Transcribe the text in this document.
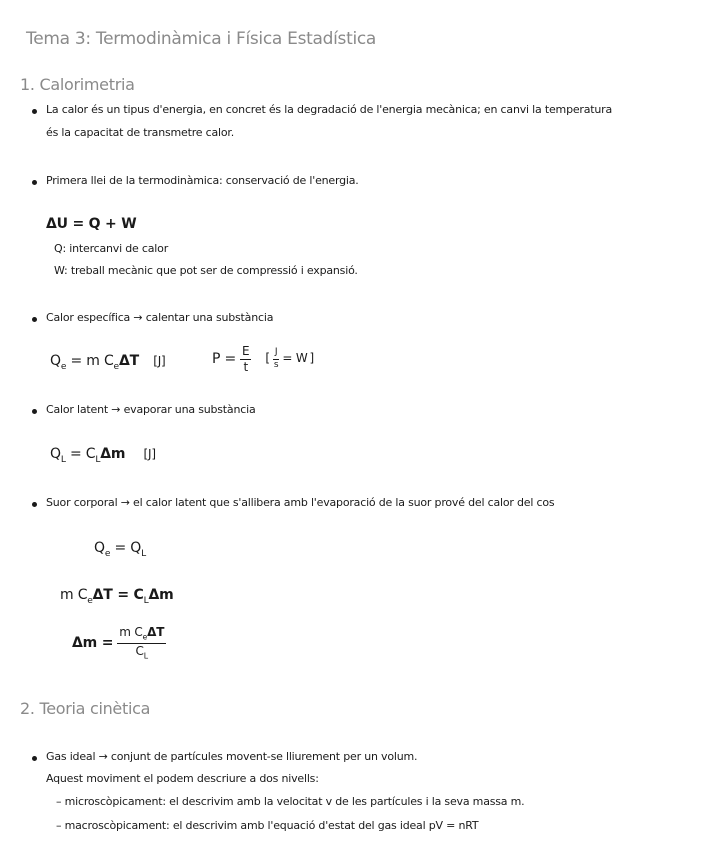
Tema 3: Termodinàmica i Física Estadística
1. Calorimetria
La calor és un tipus d'energia, en concret és la degradació de l'energia mecànica; en canvi la temperatura
és la capacitat de transmetre calor.
Primera llei de la termodinàmica: conservació de l'energia.
ΔU = Q + W
Q: intercanvi de calor
W: treball mecànic que pot ser de compressió i expansió.
Calor específica → calentar una substància
$Q_e = m$ $C_e\Delta T$ [J]	$P = \frac{E}{t}$ [ $\frac{J}{s} = W$ ]
Calor latent → evaporar una substància
$Q_L = C_L\Delta m$ [J]
Suor corporal → el calor latent que s'allibera amb l'evaporació de la suor prové del calor del cos
$Q_e = Q_L$
m $C_e\Delta T = C_L\Delta m$
$\Delta m = \frac{m C_e\Delta T}{C_L}$
2. Teoria cinètica
Gas ideal → conjunt de partícules movent-se lliurement per un volum.
Aquest moviment el podem descriure a dos nivells:
– microscòpicament: el descrivim amb la velocitat v de les partícules i la seva massa m.
– macroscòpicament: el descrivim amb l'equació d'estat del gas ideal pV = nRT
